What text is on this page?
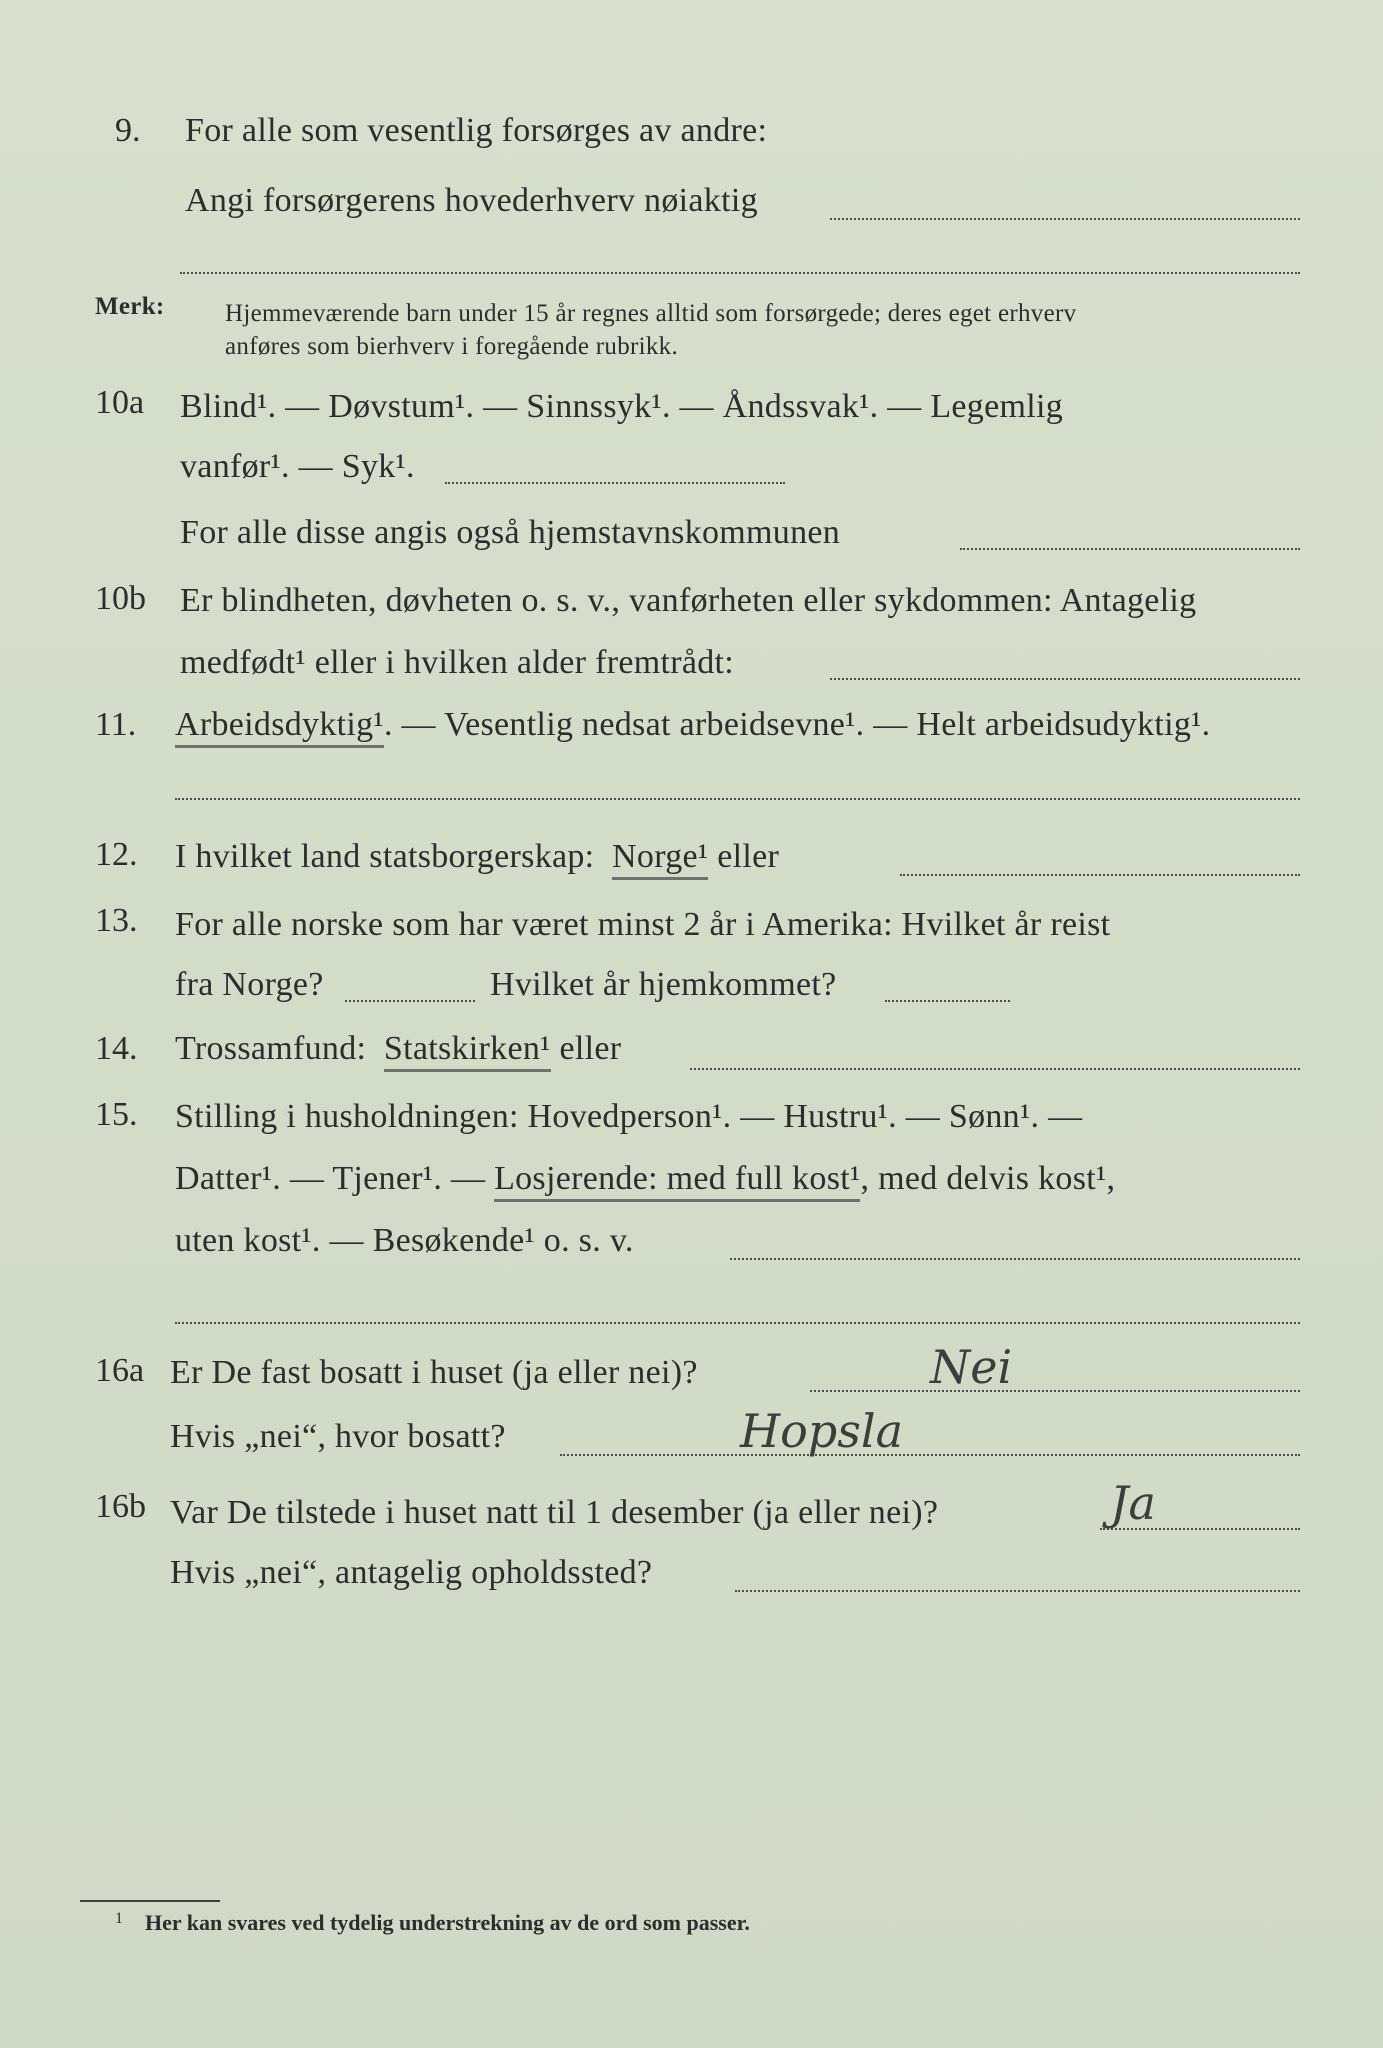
9. For alle som vesentlig forsørges av andre:
Angi forsørgerens hovederhverv nøiaktig
Merk: Hjemmeværende barn under 15 år regnes alltid som forsørgede; deres eget erhverv
anføres som bierhverv i foregående rubrikk.
10a Blind¹. — Døvstum¹. — Sinnssyk¹. — Åndssvak¹. — Legemlig
vanfør¹. — Syk¹.
For alle disse angis også hjemstavnskommunen
10b Er blindheten, døvheten o. s. v., vanførheten eller sykdommen: Antagelig
medfødt¹ eller i hvilken alder fremtrådt:
11. Arbeidsdyktig¹. — Vesentlig nedsat arbeidsevne¹. — Helt arbeidsudyktig¹.
12. I hvilket land statsborgerskap: Norge¹ eller
13. For alle norske som har været minst 2 år i Amerika: Hvilket år reist
fra Norge?	Hvilket år hjemkommet?
14. Trossamfund: Statskirken¹ eller
15. Stilling i husholdningen: Hovedperson¹. — Hustru¹. — Sønn¹. —
Datter¹. — Tjener¹. — Losjerende: med full kost¹, med delvis kost¹,
uten kost¹. — Besøkende¹ o. s. v.
16a Er De fast bosatt i huset (ja eller nei)?	Nei
Hvis „nei“, hvor bosatt?	Hopsla
16b Var De tilstede i huset natt til 1 desember (ja eller nei)?	Ja
Hvis „nei“, antagelig opholdssted?
1 Her kan svares ved tydelig understrekning av de ord som passer.
